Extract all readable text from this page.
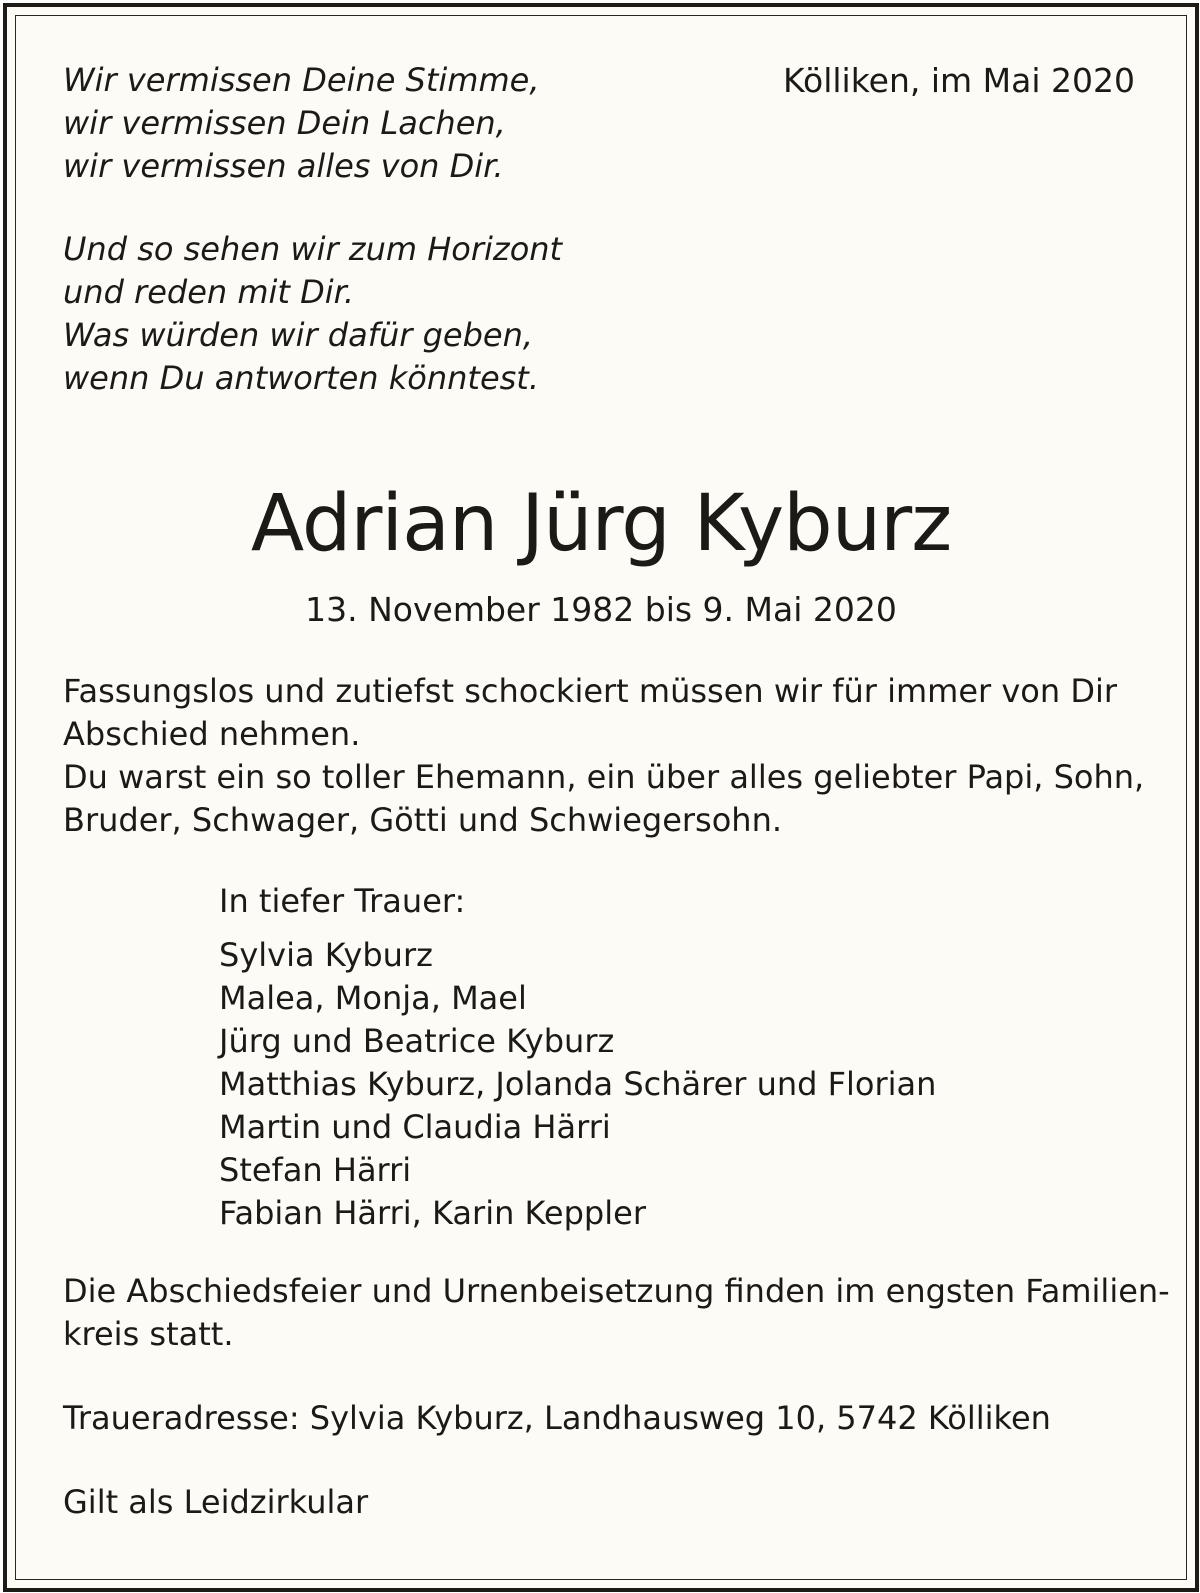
Wir vermissen Deine Stimme,
wir vermissen Dein Lachen,
wir vermissen alles von Dir.
Kölliken, im Mai 2020
Und so sehen wir zum Horizont
und reden mit Dir.
Was würden wir dafür geben,
wenn Du antworten könntest.
Adrian Jürg Kyburz
13. November 1982 bis 9. Mai 2020
Fassungslos und zutiefst schockiert müssen wir für immer von Dir
Abschied nehmen.
Du warst ein so toller Ehemann, ein über alles geliebter Papi, Sohn,
Bruder, Schwager, Götti und Schwiegersohn.
In tiefer Trauer:
Sylvia Kyburz
Malea, Monja, Mael
Jürg und Beatrice Kyburz
Matthias Kyburz, Jolanda Schärer und Florian
Martin und Claudia Härri
Stefan Härri
Fabian Härri, Karin Keppler
Die Abschiedsfeier und Urnenbeisetzung finden im engsten Familien-
kreis statt.
Traueradresse: Sylvia Kyburz, Landhausweg 10, 5742 Kölliken
Gilt als Leidzirkular
